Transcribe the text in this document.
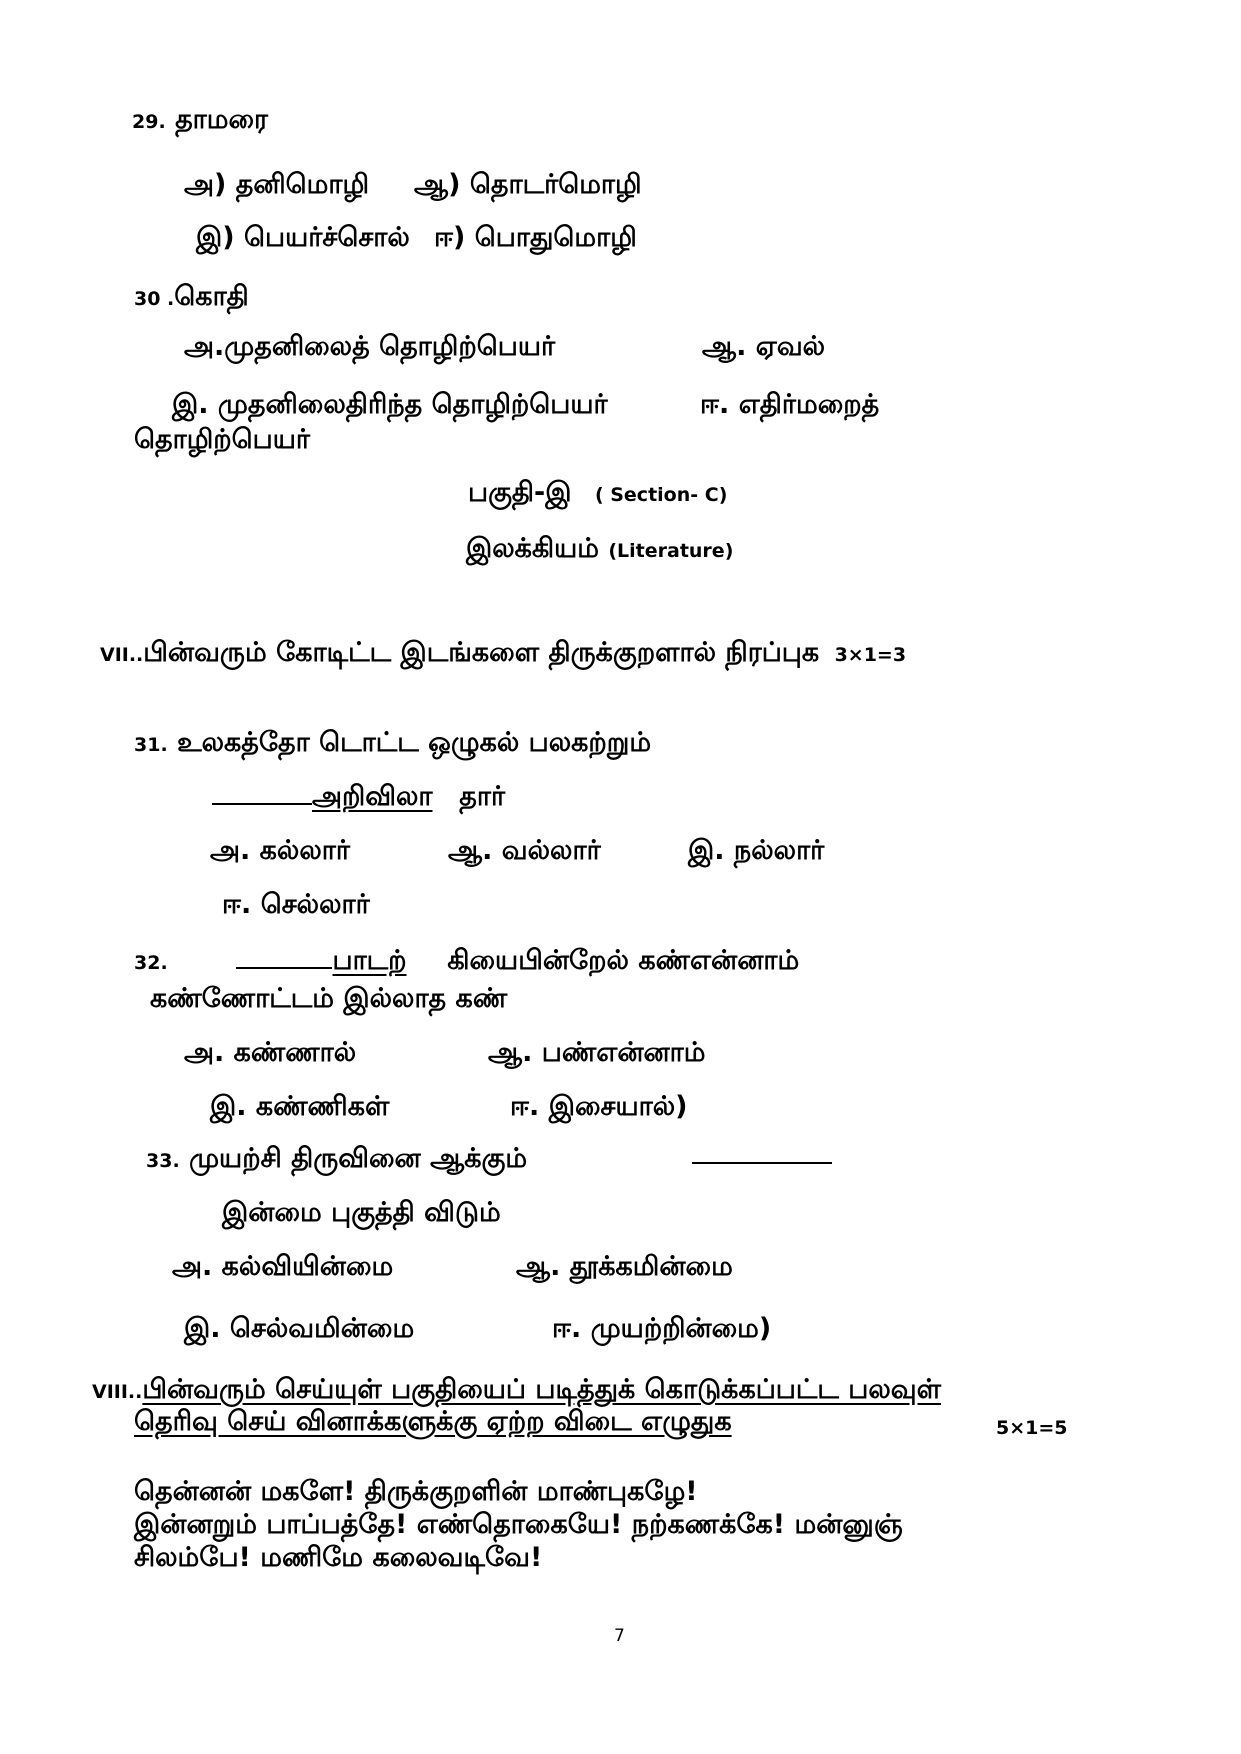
29. தாமரை
அ) தனிமொழி ஆ) தொடர்மொழி
இ) பெயர்ச்சொல் ஈ) பொதுமொழி
30 .கொதி
அ.முதனிலைத் தொழிற்பெயர்	ஆ. ஏவல்
இ. முதனிலைதிரிந்த தொழிற்பெயர்	ஈ. எதிர்மறைத்
தொழிற்பெயர்
பகுதி-இ ( Section- C)
இலக்கியம் (Literature)
VII..பின்வரும் கோடிட்ட இடங்களை திருக்குறளால் நிரப்புக 3×1=3
31. உலகத்தோ டொட்ட ஒழுகல் பலகற்றும்
அறிவிலா தார்
அ. கல்லார்	ஆ. வல்லார்	இ. நல்லார்
ஈ. செல்லார்
32.	பாடற் கியைபின்றேல் கண்என்னாம்
கண்ணோட்டம் இல்லாத கண்
அ. கண்ணால்	ஆ. பண்என்னாம்
இ. கண்ணிகள்	ஈ. இசையால்)
33. முயற்சி திருவினை ஆக்கும்
இன்மை புகுத்தி விடும்
அ. கல்வியின்மை	ஆ. தூக்கமின்மை
இ. செல்வமின்மை	ஈ. முயற்றின்மை)
VIII..பின்வரும் செய்யுள் பகுதியைப் படித்துக் கொடுக்கப்பட்ட பலவுள்
தெரிவு செய் வினாக்களுக்கு ஏற்ற விடை எழுதுக	5×1=5
தென்னன் மகளே! திருக்குறளின் மாண்புகழே!
இன்னறும் பாப்பத்தே! எண்தொகையே! நற்கணக்கே! மன்னுஞ்
சிலம்பே! மணிமே கலைவடிவே!
7
